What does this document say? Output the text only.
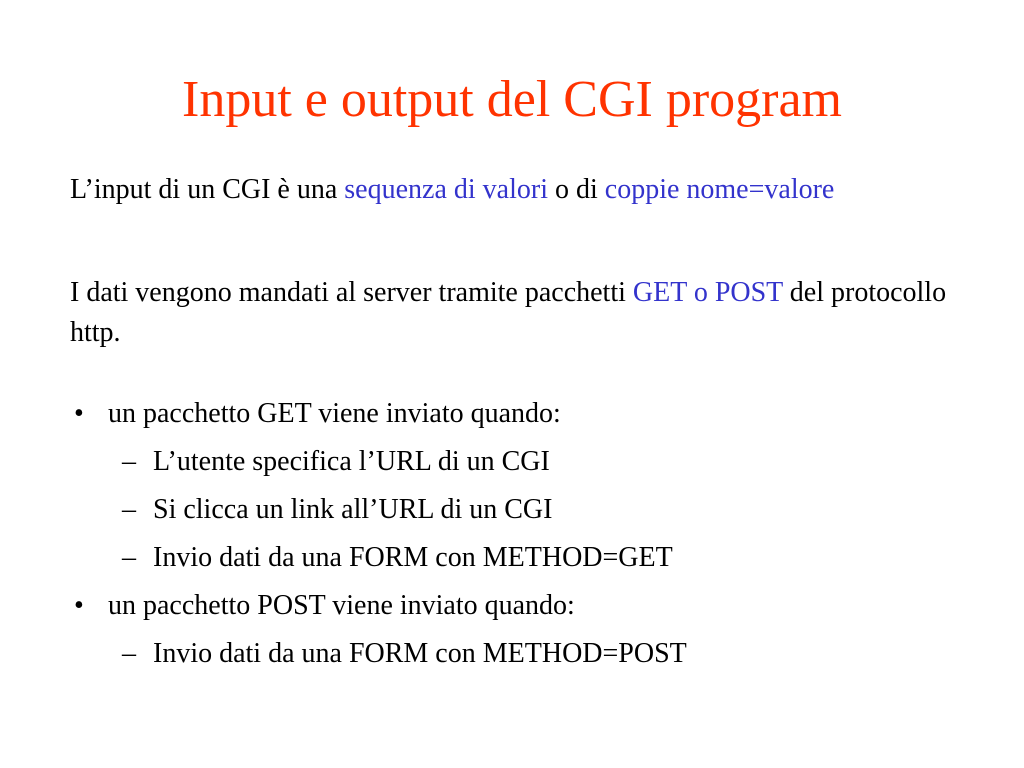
Input e output del CGI program

L’input di un CGI è una sequenza di valori o di coppie nome=valore

I dati vengono mandati al server tramite pacchetti GET o POST del protocollo http.

• un pacchetto GET viene inviato quando:
– L’utente specifica l’URL di un CGI
– Si clicca un link all’URL di un CGI
– Invio dati da una FORM con METHOD=GET
• un pacchetto POST viene inviato quando:
– Invio dati da una FORM con METHOD=POST
